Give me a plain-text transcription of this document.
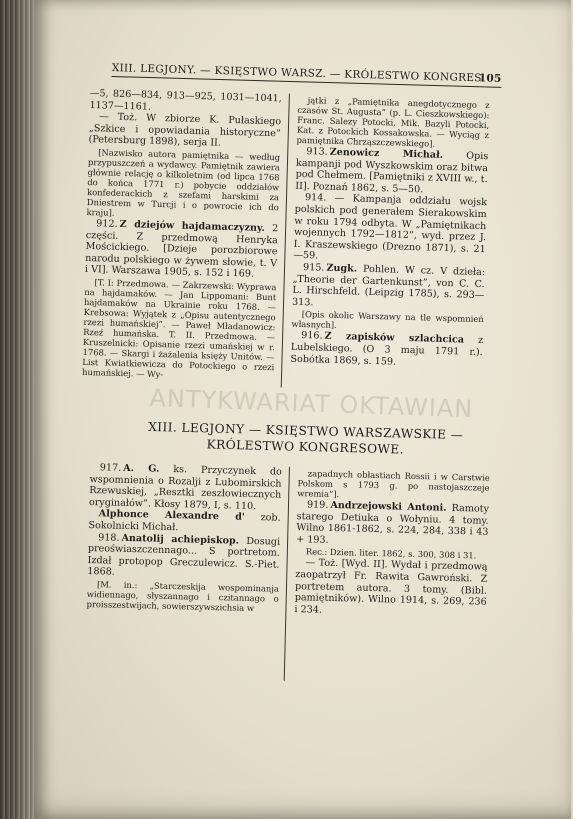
XIII. LEGJONY. — KSIĘSTWO WARSZ. — KRÓLESTWO KONGRES.
105

—5, 826—834, 913—925, 1031—1041, 1137—1161.

— Toż. W zbiorze K. Pułaskiego „Szkice i opowiadania historyczne” (Petersburg 1898), serja II.

[Nazwisko autora pamiętnika — według przypuszczeń a wydawcy. Pamiętnik zawiera głównie relację o kilkoletnim (od lipca 1768 do końca 1771 r.) pobycie oddziałów konfederackich z szefami harskimi za Dniestrem w Turcji i o powrocie ich do kraju].

912. Z dziejów hajdamaczyzny. 2 części. Z przedmową Henryka Mościckiego. [Dzieje porozbiorowe narodu polskiego w żywem słowie, t. V i VI]. Warszawa 1905, s. 152 i 169.

[T. I: Przedmowa. — Zakrzewski: Wyprawa na hajdamaków. — Jan Lippomani: Bunt hajdamaków na Ukrainie roku 1768. — Krebsowa: Wyjątek z „Opisu autentycznego rzezi humańskiej”. — Paweł Mładanowicz: Rzeź humańska. T. II. Przedmowa. — Kruszelnicki: Opisanie rzezi umańskiej w r. 1768. — Skargi i żażalenia księży Unitów. — List Kwiatkiewicza do Potockiego o rzezi humańskiej. — Wy-

jątki z „Pamiętnika anegdotycznego z czasów St. Augusta” (p. L. Cieszkowskiego): Franc. Salezy Potocki, Mik. Bazyli Potocki, Kat. z Potockich Kossakowska. — Wyciąg z pamiętnika Chrząszczewskiego].

913. Zenowicz Michał. Opis kampanji pod Wyszkowskim oraz bitwa pod Chełmem. [Pamiętniki z XVIII w., t. II]. Poznań 1862, s. 5—50.

914. — Kampanja oddziału wojsk polskich pod generałem Sierakowskim w roku 1794 odbyta. W „Pamiętnikach wojennych 1792—1812”, wyd. przez J. I. Kraszewskiego (Drezno 1871), s. 21—59.

915. Zugk. Pohlen. W cz. V dzieła: „Theorie der Gartenkunst”, von C. C. L. Hirschfeld. (Leipzig 1785), s. 293—313.

[Opis okolic Warszawy na tle wspomnień własnych].

916. Z zapisków szlachcica z Lubelskiego. (O 3 maju 1791 r.). Sobótka 1869, s. 159.

ANTYKWARIAT OKTAWIAN
XIII. LEGJONY — KSIĘSTWO WARSZAWSKIE —
KRÓLESTWO KONGRESOWE.

917. A. G. ks. Przyczynek do wspomnienia o Rozalji z Lubomirskich Rzewuskiej, „Resztki zeszłowiecznych oryginałów”. Kłosy 1879, I, s. 110.

Alphonce Alexandre d' zob. Sokolnicki Michał.

918. Anatolij achiepiskop. Dosugi preoświaszczennago... S portretom. Izdał protopop Greczulewicz. S.-Piet. 1868.

[M. in.: „Starczeskija wospominanja widiennago, słyszannago i czitannago o proisszestwijach, sowierszywszichsia w

zapadnych obłastiach Rossii i w Carstwie Polskom s 1793 g. po nastojaszczeje wremia”].

919. Andrzejowski Antoni. Ramoty starego Detiuka o Wołyniu. 4 tomy. Wilno 1861-1862, s. 224, 284, 338 i 43 + 193.

Rec.: Dzien. liter. 1862, s. 300, 308 i 31.

— Toż. [Wyd. II]. Wydał i przedmową zaopatrzył Fr. Rawita Gawroński. Z portretem autora. 3 tomy. (Bibl. pamiętników). Wilno 1914, s. 269, 236 i 234.
